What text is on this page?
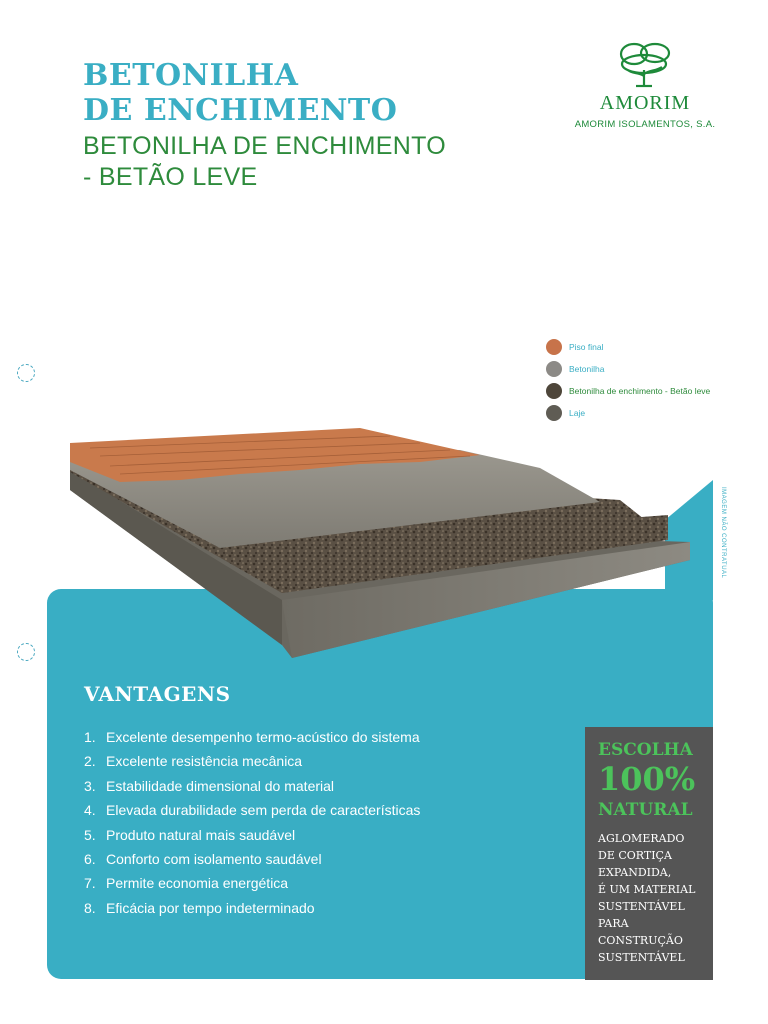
BETONILHA
DE ENCHIMENTO
BETONILHA DE ENCHIMENTO
- BETÃO LEVE
AMORIM
AMORIM ISOLAMENTOS, S.A.
Piso final
Betonilha
Betonilha de enchimento - Betão leve
Laje
IMAGEM NÃO CONTRATUAL
VANTAGENS
1. Excelente desempenho termo-acústico do sistema
2. Excelente resistência mecânica
3. Estabilidade dimensional do material
4. Elevada durabilidade sem perda de características
5. Produto natural mais saudável
6. Conforto com isolamento saudável
7. Permite economia energética
8. Eficácia por tempo indeterminado
ESCOLHA
100%
NATURAL
AGLOMERADO
DE CORTIÇA
EXPANDIDA,
É UM MATERIAL
SUSTENTÁVEL
PARA
CONSTRUÇÃO
SUSTENTÁVEL
